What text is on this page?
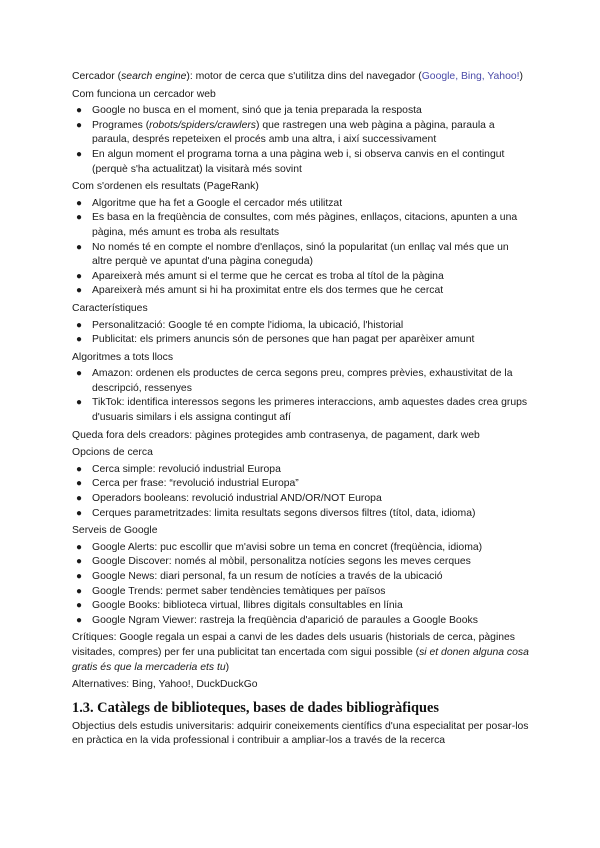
Cercador (search engine): motor de cerca que s'utilitza dins del navegador (Google, Bing, Yahoo!)

Com funciona un cercador web

● Google no busca en el moment, sinó que ja tenia preparada la resposta
● Programes (robots/spiders/crawlers) que rastregen una web pàgina a pàgina, paraula a paraula, després repeteixen el procés amb una altra, i així successivament
● En algun moment el programa torna a una pàgina web i, si observa canvis en el contingut (perquè s'ha actualitzat) la visitarà més sovint

Com s'ordenen els resultats (PageRank)

● Algoritme que ha fet a Google el cercador més utilitzat
● Es basa en la freqüència de consultes, com més pàgines, enllaços, citacions, apunten a una pàgina, més amunt es troba als resultats
● No només té en compte el nombre d'enllaços, sinó la popularitat (un enllaç val més que un altre perquè ve apuntat d'una pàgina coneguda)
● Apareixerà més amunt si el terme que he cercat es troba al títol de la pàgina
● Apareixerà més amunt si hi ha proximitat entre els dos termes que he cercat

Característiques

● Personalització: Google té en compte l'idioma, la ubicació, l'historial
● Publicitat: els primers anuncis són de persones que han pagat per aparèixer amunt

Algoritmes a tots llocs

● Amazon: ordenen els productes de cerca segons preu, compres prèvies, exhaustivitat de la descripció, ressenyes
● TikTok: identifica interessos segons les primeres interaccions, amb aquestes dades crea grups d'usuaris similars i els assigna contingut afí

Queda fora dels creadors: pàgines protegides amb contrasenya, de pagament, dark web

Opcions de cerca

● Cerca simple: revolució industrial Europa
● Cerca per frase: “revolució industrial Europa”
● Operadors booleans: revolució industrial AND/OR/NOT Europa
● Cerques parametritzades: limita resultats segons diversos filtres (títol, data, idioma)

Serveis de Google

● Google Alerts: puc escollir que m'avisi sobre un tema en concret (freqüència, idioma)
● Google Discover: només al mòbil, personalitza notícies segons les meves cerques
● Google News: diari personal, fa un resum de notícies a través de la ubicació
● Google Trends: permet saber tendències temàtiques per països
● Google Books: biblioteca virtual, llibres digitals consultables en línia
● Google Ngram Viewer: rastreja la freqüència d'aparició de paraules a Google Books

Crítiques: Google regala un espai a canvi de les dades dels usuaris (historials de cerca, pàgines visitades, compres) per fer una publicitat tan encertada com sigui possible (si et donen alguna cosa gratis és que la mercaderia ets tu)

Alternatives: Bing, Yahoo!, DuckDuckGo

1.3. Catàlegs de biblioteques, bases de dades bibliogràfiques

Objectius dels estudis universitaris: adquirir coneixements científics d'una especialitat per posar-los en pràctica en la vida professional i contribuir a ampliar-los a través de la recerca
